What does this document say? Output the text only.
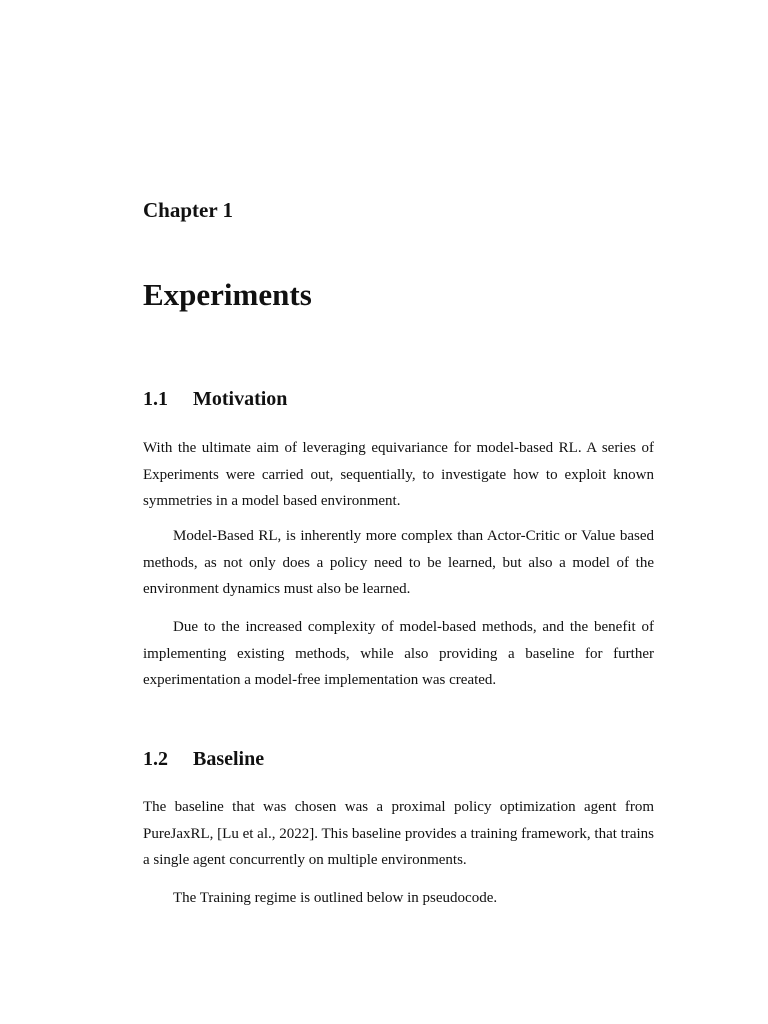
Chapter 1
Experiments
1.1 Motivation

With the ultimate aim of leveraging equivariance for model-based RL. A series of Experiments were carried out, sequentially, to investigate how to exploit known symmetries in a model based environment.

Model-Based RL, is inherently more complex than Actor-Critic or Value based methods, as not only does a policy need to be learned, but also a model of the environment dynamics must also be learned.

Due to the increased complexity of model-based methods, and the benefit of implementing existing methods, while also providing a baseline for further experimentation a model-free implementation was created.

1.2 Baseline

The baseline that was chosen was a proximal policy optimization agent from PureJaxRL, [Lu et al., 2022]. This baseline provides a training framework, that trains a single agent concurrently on multiple environments.

The Training regime is outlined below in pseudocode.
